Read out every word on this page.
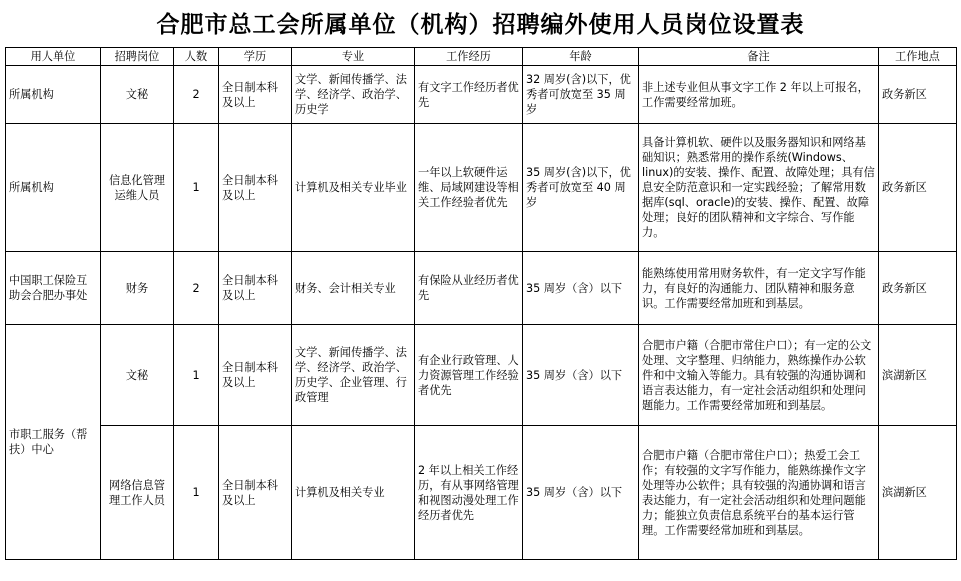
合肥市总工会所属单位（机构）招聘编外使用人员岗位设置表
用人单位	招聘岗位	人数	学历	专业	工作经历	年龄	备注	工作地点
所属机构	文秘	2	全日制本科及以上	文学、新闻传播学、法学、经济学、政治学、历史学	有文字工作经历者优先	32 周岁(含)以下，优秀者可放宽至 35 周岁	非上述专业但从事文字工作 2 年以上可报名，工作需要经常加班。	政务新区
所属机构	信息化管理运维人员	1	全日制本科及以上	计算机及相关专业毕业	一年以上软硬件运维、局域网建设等相关工作经验者优先	35 周岁(含)以下，优秀者可放宽至 40 周岁	具备计算机软、硬件以及服务器知识和网络基础知识；熟悉常用的操作系统(Windows、linux)的安装、操作、配置、故障处理；具有信息安全防范意识和一定实践经验；了解常用数据库(sql、oracle)的安装、操作、配置、故障处理；良好的团队精神和文字综合、写作能力。	政务新区
中国职工保险互助会合肥办事处	财务	2	全日制本科及以上	财务、会计相关专业	有保险从业经历者优先	35 周岁（含）以下	能熟练使用常用财务软件，有一定文字写作能力，有良好的沟通能力、团队精神和服务意识。工作需要经常加班和到基层。	政务新区
市职工服务（帮扶）中心	文秘	1	全日制本科及以上	文学、新闻传播学、法学、经济学、政治学、历史学、企业管理、行政管理	有企业行政管理、人力资源管理工作经验者优先	35 周岁（含）以下	合肥市户籍（合肥市常住户口）；有一定的公文处理、文字整理、归纳能力，熟练操作办公软件和中文输入等能力。具有较强的沟通协调和语言表达能力，有一定社会活动组织和处理问题能力。工作需要经常加班和到基层。	滨湖新区
	网络信息管理工作人员	1	全日制本科及以上	计算机及相关专业	2 年以上相关工作经历，有从事网络管理和视图动漫处理工作经历者优先	35 周岁（含）以下	合肥市户籍（合肥市常住户口）；热爱工会工作；有较强的文字写作能力，能熟练操作文字处理等办公软件；具有较强的沟通协调和语言表达能力，有一定社会活动组织和处理问题能力；能独立负责信息系统平台的基本运行管理。工作需要经常加班和到基层。	滨湖新区
